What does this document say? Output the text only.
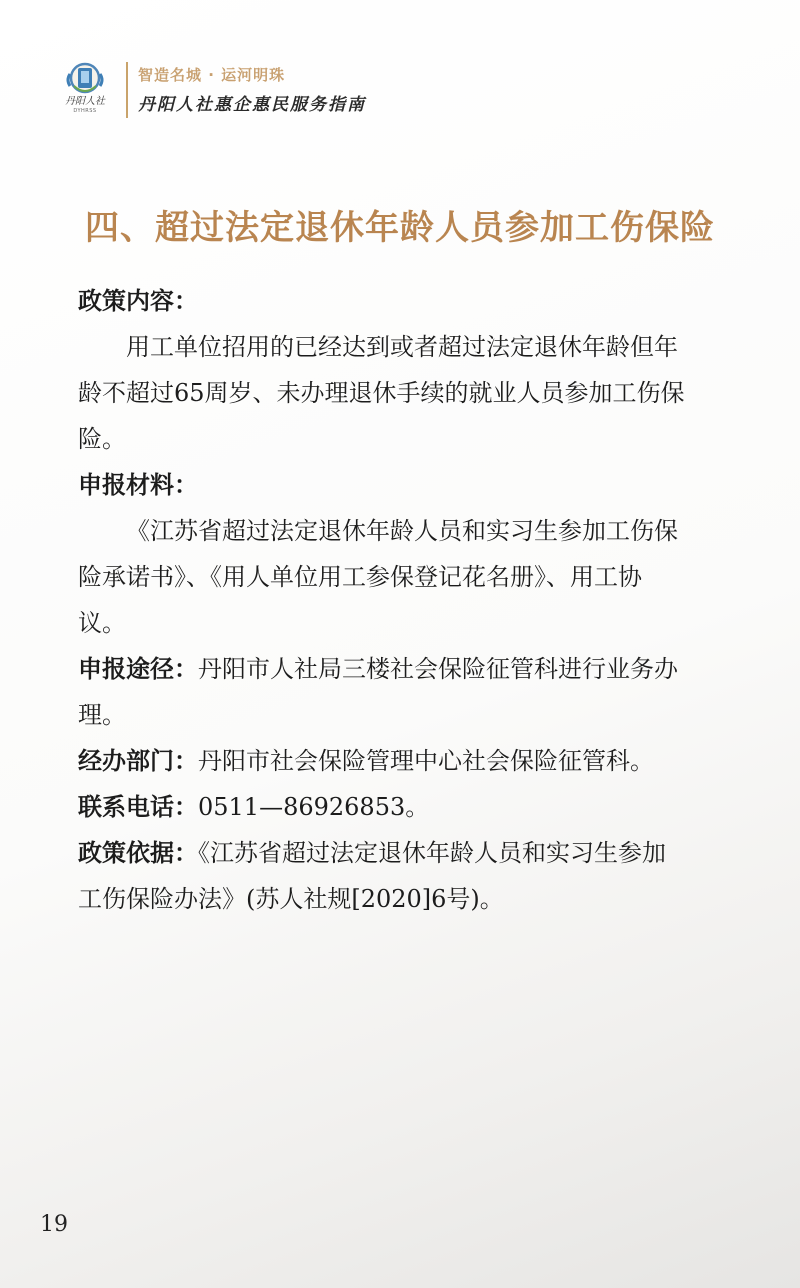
丹阳人社
DYHRSS
智造名城 · 运河明珠
丹阳人社惠企惠民服务指南
四、超过法定退休年龄人员参加工伤保险
政策内容：
用工单位招用的已经达到或者超过法定退休年龄但年
龄不超过65周岁、未办理退休手续的就业人员参加工伤保
险。
申报材料：
《江苏省超过法定退休年龄人员和实习生参加工伤保
险承诺书》、《用人单位用工参保登记花名册》、用工协
议。
申报途径：丹阳市人社局三楼社会保险征管科进行业务办
理。
经办部门：丹阳市社会保险管理中心社会保险征管科。
联系电话：0511—86926853。
政策依据：《江苏省超过法定退休年龄人员和实习生参加
工伤保险办法》(苏人社规[2020]6号)。
19
